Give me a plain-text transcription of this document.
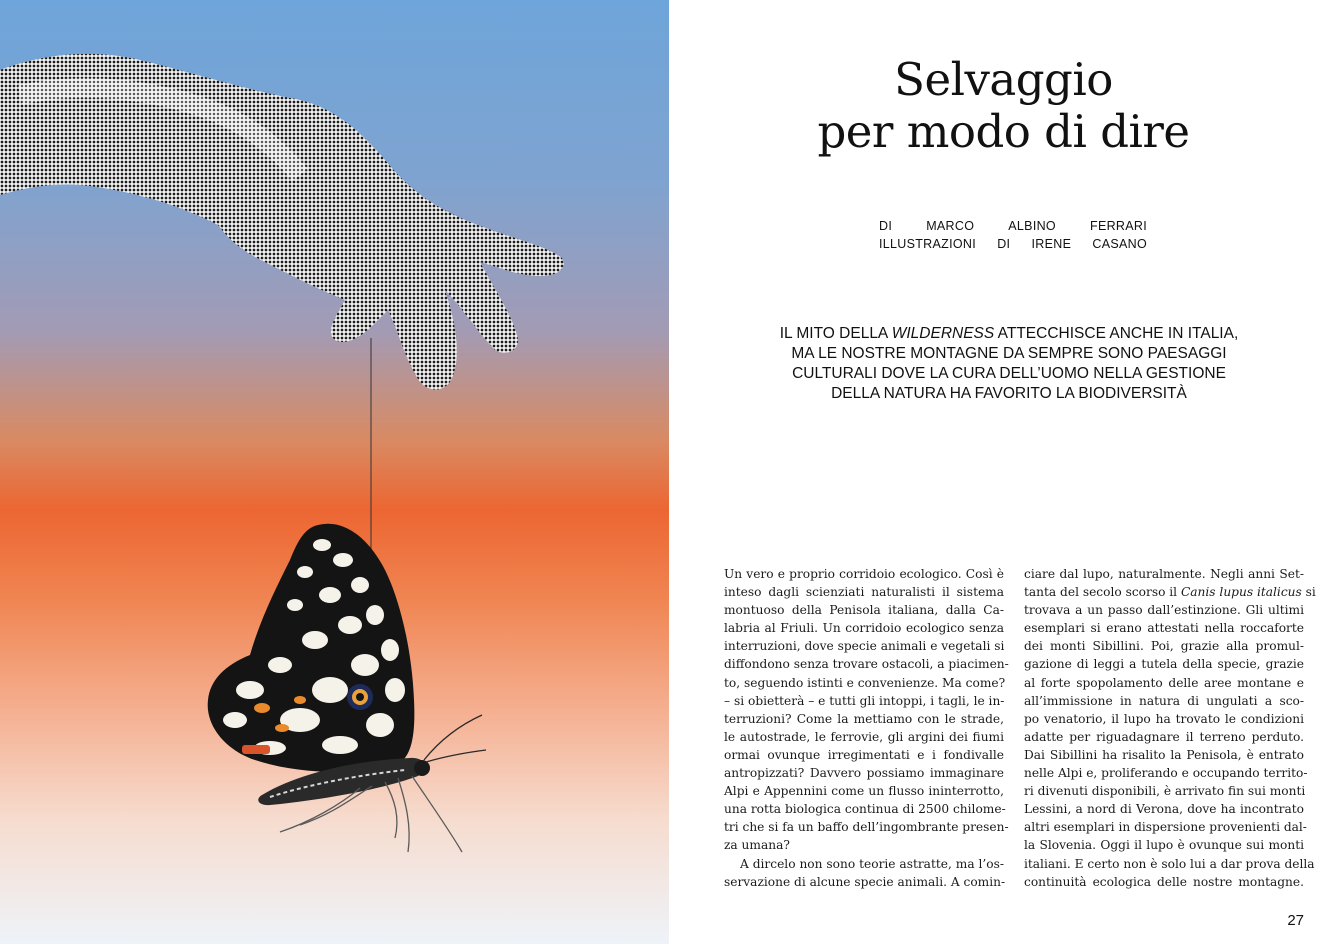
Selvaggio
per modo di dire
DI	MARCO	ALBINO	FERRARI
ILLUSTRAZIONI DI IRENE CASANO
IL MITO DELLA WILDERNESS ATTECCHISCE ANCHE IN ITALIA,
MA LE NOSTRE MONTAGNE DA SEMPRE SONO PAESAGGI
CULTURALI DOVE LA CURA DELL’UOMO NELLA GESTIONE
DELLA NATURA HA FAVORITO LA BIODIVERSITÀ
Un vero e proprio corridoio ecologico. Così è
inteso dagli scienziati naturalisti il sistema
montuoso della Penisola italiana, dalla Ca-
labria al Friuli. Un corridoio ecologico senza
interruzioni, dove specie animali e vegetali si
diffondono senza trovare ostacoli, a piacimen-
to, seguendo istinti e convenienze. Ma come?
– si obietterà – e tutti gli intoppi, i tagli, le in-
terruzioni? Come la mettiamo con le strade,
le autostrade, le ferrovie, gli argini dei fiumi
ormai ovunque irregimentati e i fondivalle
antropizzati? Davvero possiamo immaginare
Alpi e Appennini come un flusso ininterrotto,
una rotta biologica continua di 2500 chilome-
tri che si fa un baffo dell’ingombrante presen-
za umana?
A dircelo non sono teorie astratte, ma l’os-
servazione di alcune specie animali. A comin-
ciare dal lupo, naturalmente. Negli anni Set-
tanta del secolo scorso il Canis lupus italicus si
trovava a un passo dall’estinzione. Gli ultimi
esemplari si erano attestati nella roccaforte
dei monti Sibillini. Poi, grazie alla promul-
gazione di leggi a tutela della specie, grazie
al forte spopolamento delle aree montane e
all’immissione in natura di ungulati a sco-
po venatorio, il lupo ha trovato le condizioni
adatte per riguadagnare il terreno perduto.
Dai Sibillini ha risalito la Penisola, è entrato
nelle Alpi e, proliferando e occupando territo-
ri divenuti disponibili, è arrivato fin sui monti
Lessini, a nord di Verona, dove ha incontrato
altri esemplari in dispersione provenienti dal-
la Slovenia. Oggi il lupo è ovunque sui monti
italiani. E certo non è solo lui a dar prova della
continuità ecologica delle nostre montagne.
27
